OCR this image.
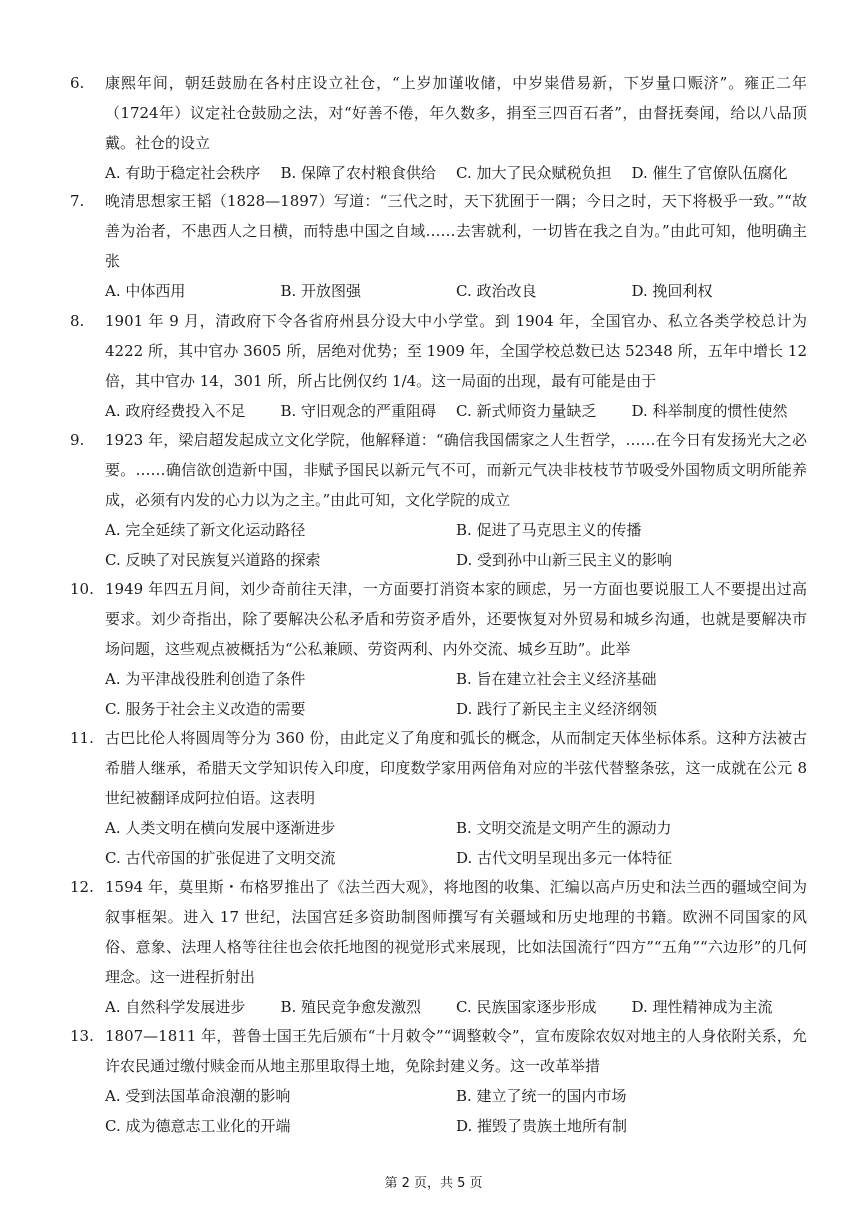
6. 康熙年间，朝廷鼓励在各村庄设立社仓，“上岁加谨收储，中岁粜借易新，下岁量口赈济”。雍正二年（1724年）议定社仓鼓励之法，对“好善不倦，年久数多，捐至三四百石者”，由督抚奏闻，给以八品顶戴。社仓的设立

A. 有助于稳定社会秩序	B. 保障了农村粮食供给	C. 加大了民众赋税负担	D. 催生了官僚队伍腐化
7. 晚清思想家王韬（1828—1897）写道：“三代之时，天下犹囿于一隅；今日之时，天下将极乎一致。”“故善为治者，不患西人之日横，而特患中国之自域……去害就利，一切皆在我之自为。”由此可知，他明确主张

A. 中体西用	B. 开放图强	C. 政治改良	D. 挽回利权
8. 1901 年 9 月，清政府下令各省府州县分设大中小学堂。到 1904 年，全国官办、私立各类学校总计为 4222 所，其中官办 3605 所，居绝对优势；至 1909 年，全国学校总数已达 52348 所，五年中增长 12 倍，其中官办 14，301 所，所占比例仅约 1/4。这一局面的出现，最有可能是由于

A. 政府经费投入不足	B. 守旧观念的严重阻碍	C. 新式师资力量缺乏	D. 科举制度的惯性使然
9. 1923 年，梁启超发起成立文化学院，他解释道：“确信我国儒家之人生哲学，……在今日有发扬光大之必要。……确信欲创造新中国，非赋予国民以新元气不可，而新元气决非枝枝节节吸受外国物质文明所能养成，必须有内发的心力以为之主。”由此可知，文化学院的成立

A. 完全延续了新文化运动路径	B. 促进了马克思主义的传播
C. 反映了对民族复兴道路的探索	D. 受到孙中山新三民主义的影响
10. 1949 年四五月间，刘少奇前往天津，一方面要打消资本家的顾虑，另一方面也要说服工人不要提出过高要求。刘少奇指出，除了要解决公私矛盾和劳资矛盾外，还要恢复对外贸易和城乡沟通，也就是要解决市场问题，这些观点被概括为“公私兼顾、劳资两利、内外交流、城乡互助”。此举

A. 为平津战役胜利创造了条件	B. 旨在建立社会主义经济基础
C. 服务于社会主义改造的需要	D. 践行了新民主主义经济纲领
11. 古巴比伦人将圆周等分为 360 份，由此定义了角度和弧长的概念，从而制定天体坐标体系。这种方法被古希腊人继承，希腊天文学知识传入印度，印度数学家用两倍角对应的半弦代替整条弦，这一成就在公元 8 世纪被翻译成阿拉伯语。这表明

A. 人类文明在横向发展中逐渐进步	B. 文明交流是文明产生的源动力
C. 古代帝国的扩张促进了文明交流	D. 古代文明呈现出多元一体特征
12. 1594 年，莫里斯・布格罗推出了《法兰西大观》，将地图的收集、汇编以高卢历史和法兰西的疆域空间为叙事框架。进入 17 世纪，法国宫廷多资助制图师撰写有关疆域和历史地理的书籍。欧洲不同国家的风俗、意象、法理人格等往往也会依托地图的视觉形式来展现，比如法国流行“四方”“五角”“六边形”的几何理念。这一进程折射出

A. 自然科学发展进步	B. 殖民竞争愈发激烈	C. 民族国家逐步形成	D. 理性精神成为主流
13. 1807—1811 年，普鲁士国王先后颁布“十月敕令”“调整敕令”，宣布废除农奴对地主的人身依附关系，允许农民通过缴付赎金而从地主那里取得土地，免除封建义务。这一改革举措

A. 受到法国革命浪潮的影响	B. 建立了统一的国内市场
C. 成为德意志工业化的开端	D. 摧毁了贵族土地所有制
第 2 页，共 5 页
